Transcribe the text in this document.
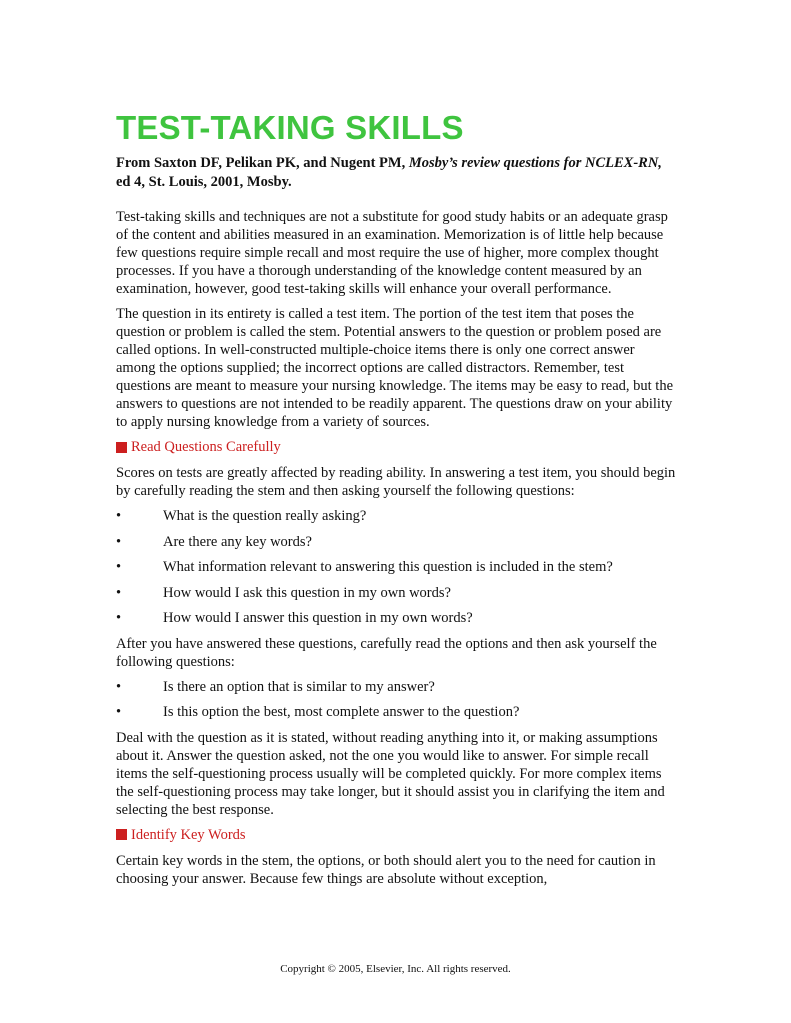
TEST-TAKING SKILLS
From Saxton DF, Pelikan PK, and Nugent PM, Mosby’s review questions for NCLEX-RN, ed 4, St. Louis, 2001, Mosby.

Test-taking skills and techniques are not a substitute for good study habits or an adequate grasp of the content and abilities measured in an examination. Memorization is of little help because few questions require simple recall and most require the use of higher, more complex thought processes. If you have a thorough understanding of the knowledge content measured by an examination, however, good test-taking skills will enhance your overall performance.

The question in its entirety is called a test item. The portion of the test item that poses the question or problem is called the stem. Potential answers to the question or problem posed are called options. In well-constructed multiple-choice items there is only one correct answer among the options supplied; the incorrect options are called distractors. Remember, test questions are meant to measure your nursing knowledge. The items may be easy to read, but the answers to questions are not intended to be readily apparent. The questions draw on your ability to apply nursing knowledge from a variety of sources.

Read Questions Carefully

Scores on tests are greatly affected by reading ability. In answering a test item, you should begin by carefully reading the stem and then asking yourself the following questions:

•	What is the question really asking?
•	Are there any key words?
•	What information relevant to answering this question is included in the stem?
•	How would I ask this question in my own words?
•	How would I answer this question in my own words?

After you have answered these questions, carefully read the options and then ask yourself the following questions:

•	Is there an option that is similar to my answer?
•	Is this option the best, most complete answer to the question?

Deal with the question as it is stated, without reading anything into it, or making assumptions about it. Answer the question asked, not the one you would like to answer. For simple recall items the self-questioning process usually will be completed quickly. For more complex items the self-questioning process may take longer, but it should assist you in clarifying the item and selecting the best response.

Identify Key Words

Certain key words in the stem, the options, or both should alert you to the need for caution in choosing your answer. Because few things are absolute without exception,

Copyright © 2005, Elsevier, Inc. All rights reserved.
